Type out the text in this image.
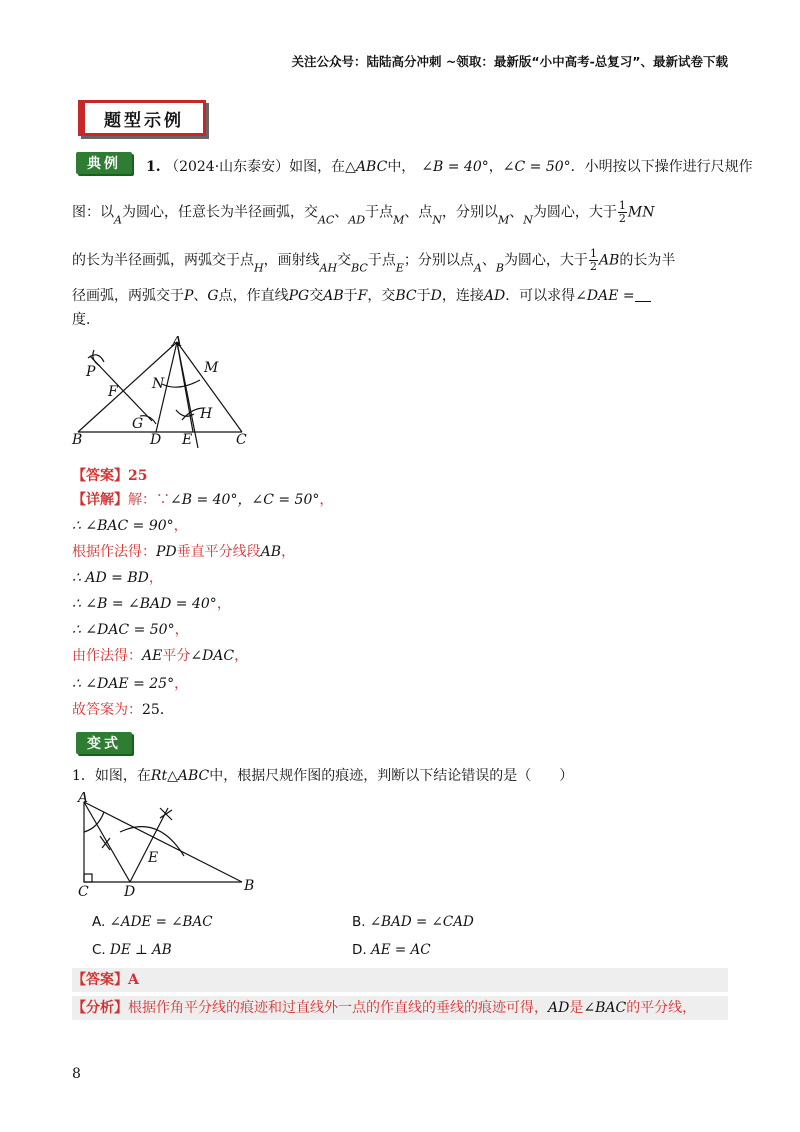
关注公众号：陆陆高分冲刺 ~领取：最新版“小中高考-总复习”、最新试卷下载
题型示例
典例	1. （2024·山东泰安）如图，在△ABC中， ∠B = 40°，∠C = 50°．小明按以下操作进行尺规作
图：以$_A$为圆心，任意长为半径画弧，交$_{AC}$、$_{AD}$于点$_M$、点$_N$，分别以$_M$、$_N$为圆心，大于 $\frac{1}{2}$ MN
的长为半径画弧，两弧交于点$_H$，画射线$_{AH}$交$_{BC}$于点$_E$；分别以点$_A$、$_B$为圆心，大于 $\frac{1}{2}$ AB的长为半
径画弧，两弧交于P、G点，作直线PG交AB于F，交BC于D，连接AD．可以求得∠DAE =
度．
A
B	C
D E
F
G
H
M
N
P
【答案】25
【详解】解：∵∠B = 40°，∠C = 50°，
∴ ∠BAC = 90°，
根据作法得：PD垂直平分线段AB，
∴ AD = BD，
∴ ∠B = ∠BAD = 40°，
∴ ∠DAC = 50°，
由作法得：AE平分∠DAC，
∴ ∠DAE = 25°，
故答案为：25．
变式
1．如图，在Rt△ABC中，根据尺规作图的痕迹，判断以下结论错误的是（　　）
A
C	D	B
E
A. ∠ADE = ∠BAC	B. ∠BAD = ∠CAD
C. DE ⊥ AB	D. AE = AC
【答案】A
【分析】根据作角平分线的痕迹和过直线外一点的作直线的垂线的痕迹可得，AD是∠BAC的平分线，
8
